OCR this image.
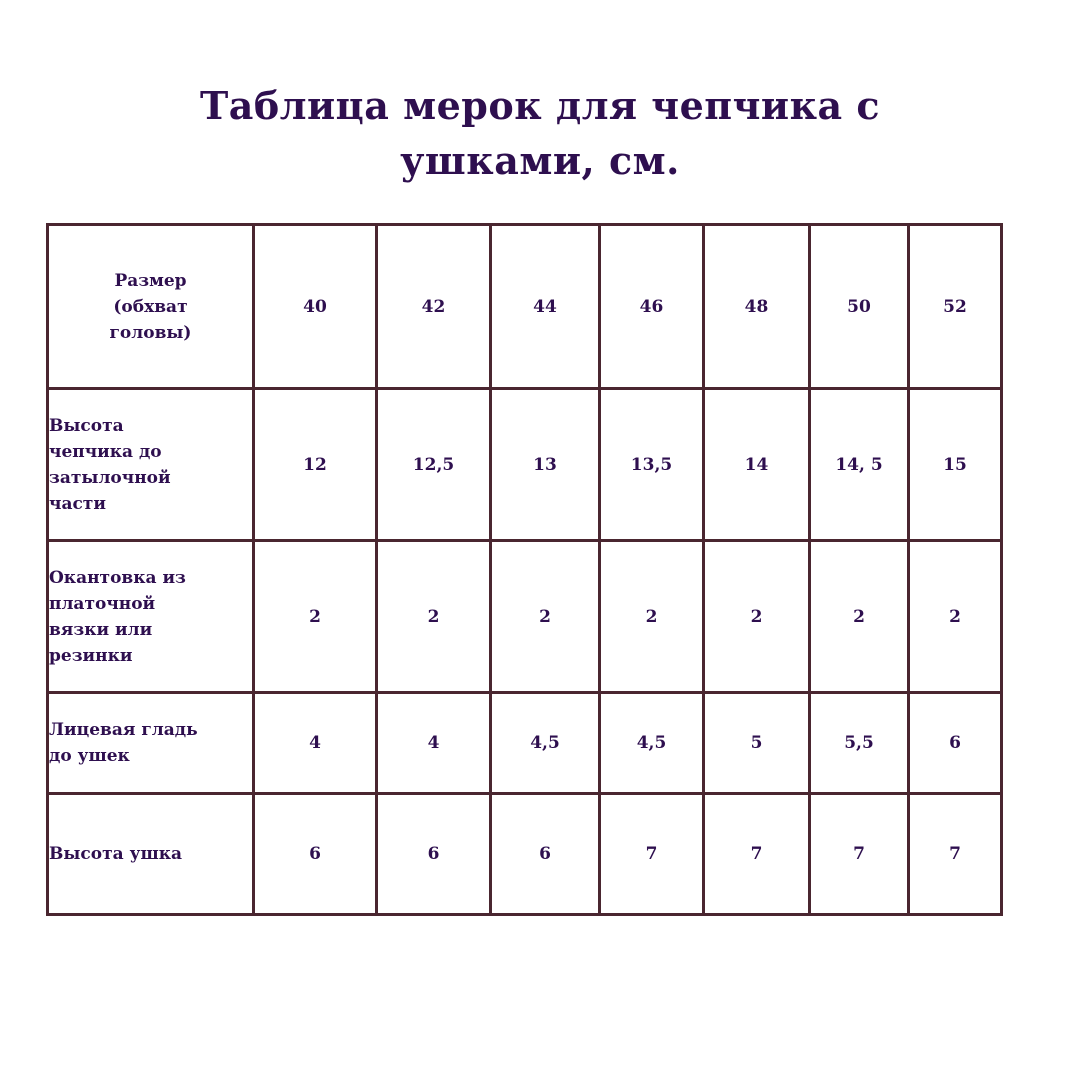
Таблица мерок для чепчика с
ушками, см.
Размер
(обхват
головы)	40	42	44	46	48	50	52

Высота
чепчика до
затылочной
части	12	12,5	13	13,5	14	14, 5	15

Окантовка из
платочной
вязки или
резинки	2	2	2	2	2	2	2

Лицевая гладь
до ушек	4	4	4,5	4,5	5	5,5	6

Высота ушка	6	6	6	7	7	7	7
